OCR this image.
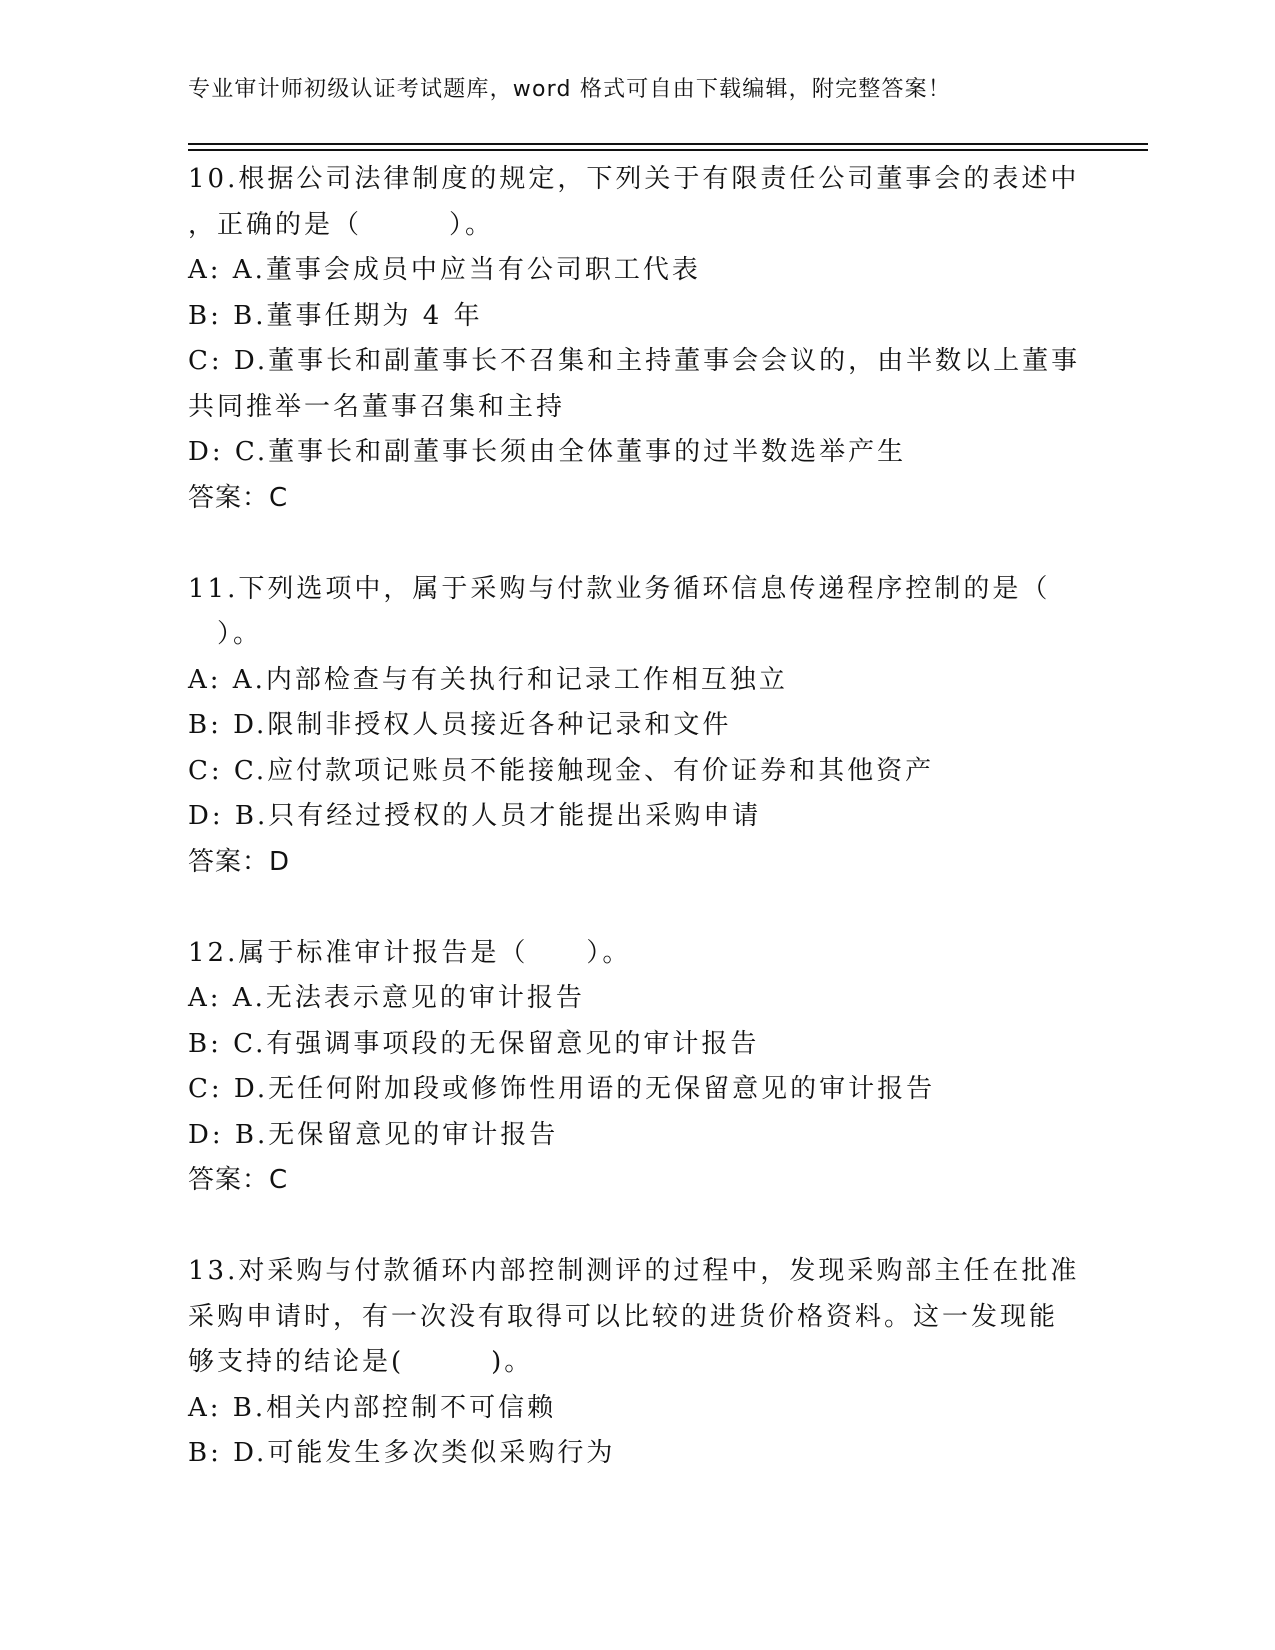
专业审计师初级认证考试题库，word 格式可自由下载编辑，附完整答案！
10.根据公司法律制度的规定，下列关于有限责任公司董事会的表述中
，正确的是（　　　）。
A: A.董事会成员中应当有公司职工代表
B: B.董事任期为 4 年
C: D.董事长和副董事长不召集和主持董事会会议的，由半数以上董事
共同推举一名董事召集和主持
D: C.董事长和副董事长须由全体董事的过半数选举产生
答案：C
11.下列选项中，属于采购与付款业务循环信息传递程序控制的是（
　）。
A: A.内部检查与有关执行和记录工作相互独立
B: D.限制非授权人员接近各种记录和文件
C: C.应付款项记账员不能接触现金、有价证券和其他资产
D: B.只有经过授权的人员才能提出采购申请
答案：D
12.属于标准审计报告是（　　）。
A: A.无法表示意见的审计报告
B: C.有强调事项段的无保留意见的审计报告
C: D.无任何附加段或修饰性用语的无保留意见的审计报告
D: B.无保留意见的审计报告
答案：C
13.对采购与付款循环内部控制测评的过程中，发现采购部主任在批准
采购申请时，有一次没有取得可以比较的进货价格资料。这一发现能
够支持的结论是(　　　)。
A: B.相关内部控制不可信赖
B: D.可能发生多次类似采购行为
